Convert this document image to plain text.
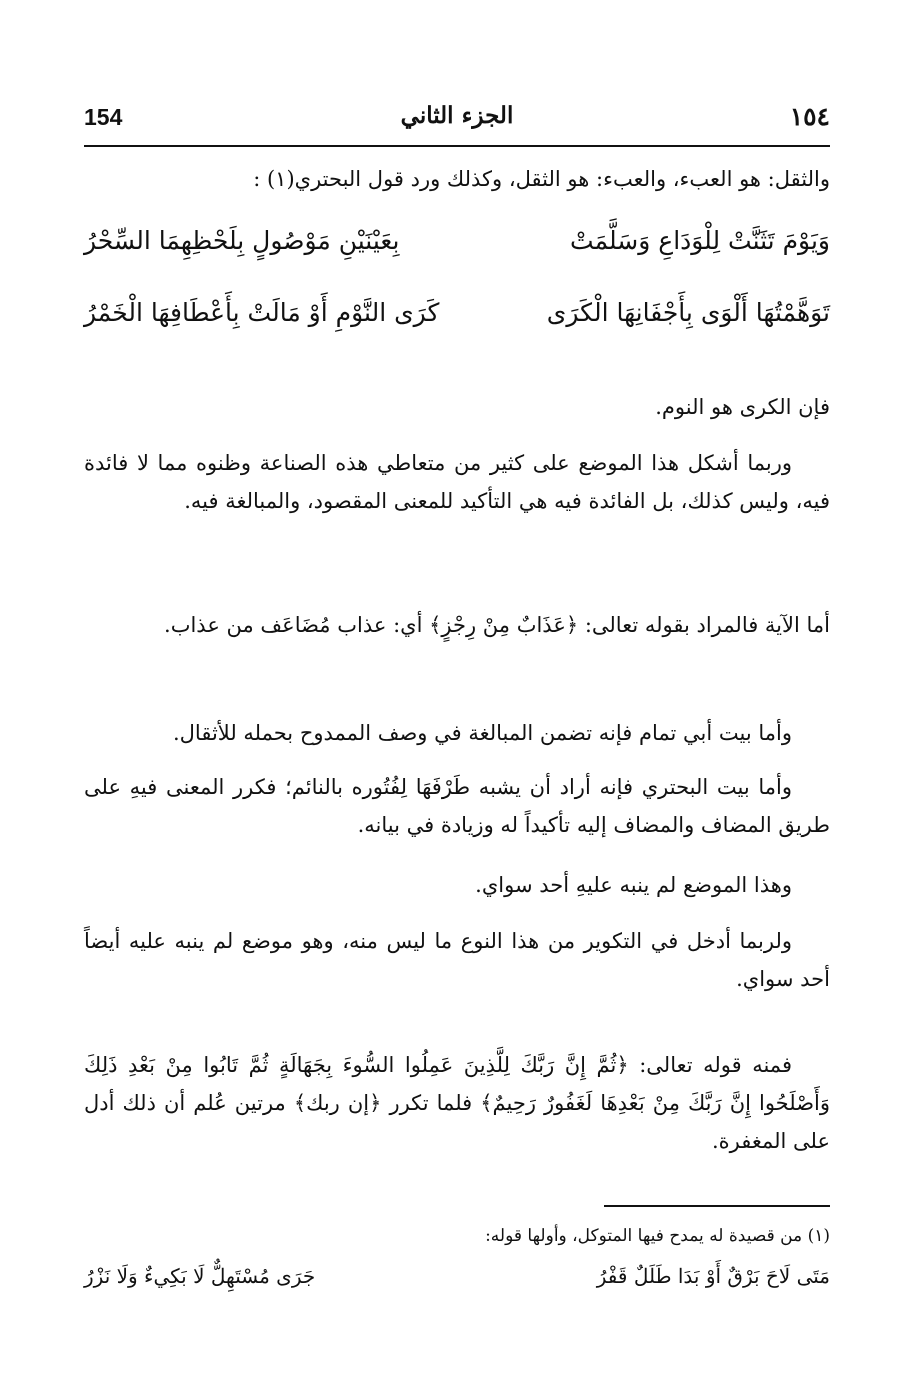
154	الجزء الثاني	١٥٤

والثقل: هو العبء، والعبء: هو الثقل، وكذلك ورد قول البحتري(١) :

وَيَوْمَ تَثَنَّتْ لِلْوَدَاعِ وَسَلَّمَتْ
بِعَيْنَيْنِ مَوْصُولٍ بِلَحْظِهِمَا السِّحْرُ
تَوَهَّمْتُهَا أَلْوَى بِأَجْفَانِهَا الْكَرَى
كَرَى النَّوْمِ أَوْ مَالَتْ بِأَعْطَافِهَا الْخَمْرُ

فإن الكرى هو النوم.

وربما أشكل هذا الموضع على كثير من متعاطي هذه الصناعة وظنوه مما لا فائدة فيه، وليس كذلك، بل الفائدة فيه هي التأكيد للمعنى المقصود، والمبالغة فيه.

أما الآية فالمراد بقوله تعالى: ﴿عَذَابٌ مِنْ رِجْزٍ﴾ أي: عذاب مُضَاعَف من عذاب.

وأما بيت أبي تمام فإنه تضمن المبالغة في وصف الممدوح بحمله للأثقال.

وأما بيت البحتري فإنه أراد أن يشبه طَرْفَهَا لِفُتُوره بالنائم؛ فكرر المعنى فيهِ على طريق المضاف والمضاف إليه تأكيداً له وزيادة في بيانه.

وهذا الموضع لم ينبه عليهِ أحد سواي.

ولربما أدخل في التكوير من هذا النوع ما ليس منه، وهو موضع لم ينبه عليه أيضاً أحد سواي.

فمنه قوله تعالى: ﴿ثُمَّ إِنَّ رَبَّكَ لِلَّذِينَ عَمِلُوا السُّوءَ بِجَهَالَةٍ ثُمَّ تَابُوا مِنْ بَعْدِ ذَلِكَ وَأَصْلَحُوا إِنَّ رَبَّكَ مِنْ بَعْدِهَا لَغَفُورٌ رَحِيمٌ﴾ فلما تكرر ﴿إن ربك﴾ مرتين عُلم أن ذلك أدل على المغفرة.

(١) من قصيدة له يمدح فيها المتوكل، وأولها قوله:
مَتَى لَاحَ بَرْقٌ أَوْ بَدَا طَلَلٌ قَفْرُ
جَرَى مُسْتَهِلٌّ لَا بَكِيءٌ وَلَا نَزْرُ
